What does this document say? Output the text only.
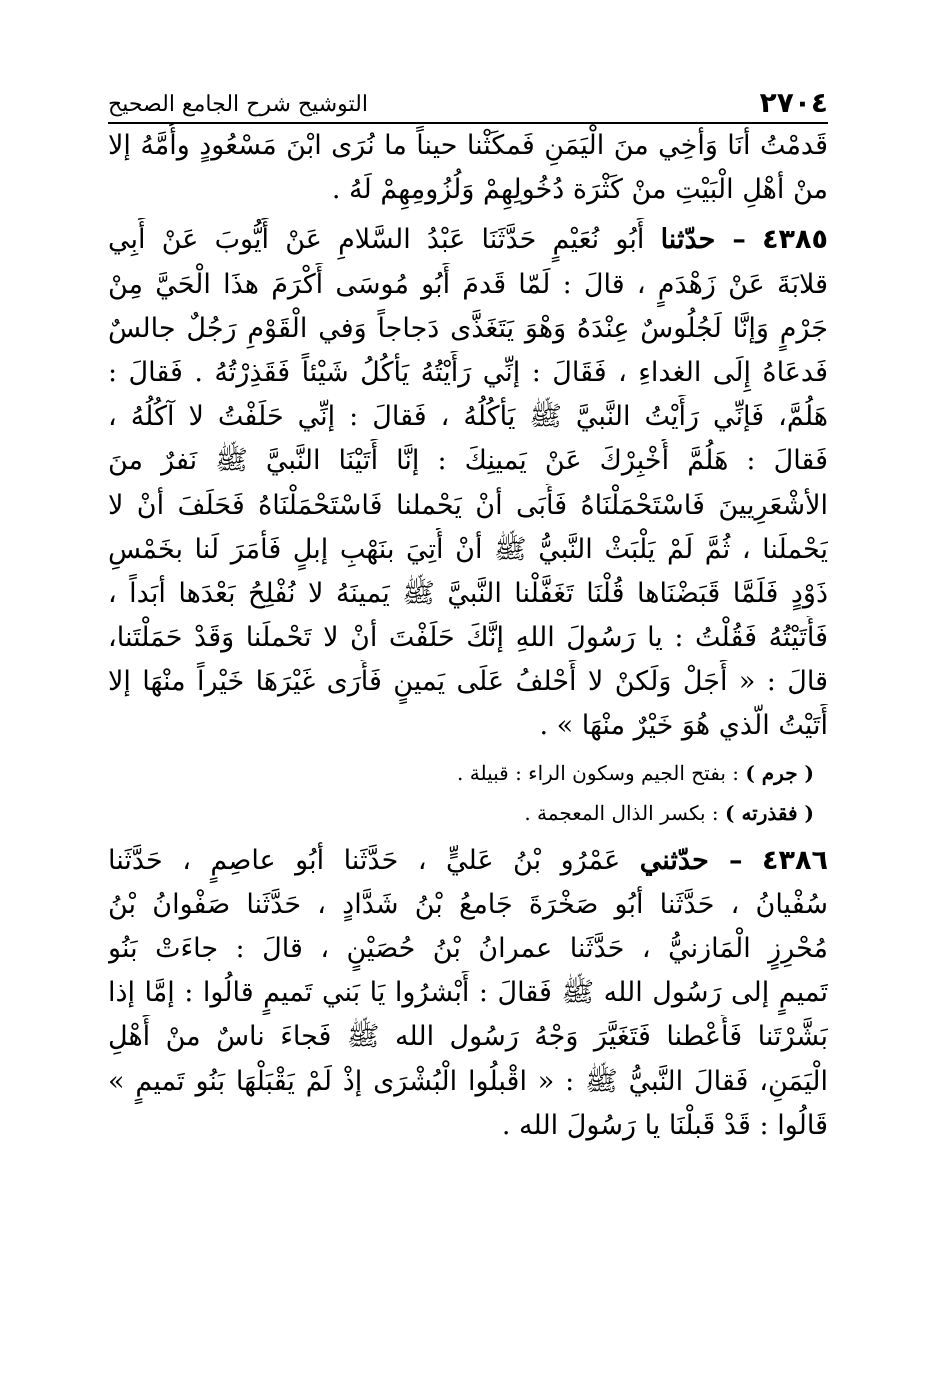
٢٧٠٤
التوشيح شرح الجامع الصحيح
قَدمْتُ أنَا وَأخِي منَ الْيَمَنِ فَمكَثْنا حيناً ما نُرَى ابْنَ مَسْعُودٍ وأُمَّهُ إلا
منْ أهْلِ الْبَيْتِ منْ كَثْرَة دُخُولِهِمْ وَلُزُومِهِمْ لَهُ .
٤٣٨٥ – حدّثنا أَبُو نُعَيْمٍ حَدَّثَنَا عَبْدُ السَّلامِ عَنْ أَيُّوبَ عَنْ أَبِي
قلابَةَ عَنْ زَهْدَمٍ ، قالَ : لَمّا قَدمَ أَبُو مُوسَى أَكْرَمَ هذَا الْحَيَّ مِنْ
جَرْمٍ وَإنَّا لَجُلُوسٌ عِنْدَهُ وَهْوَ يَتَغَذَّى دَجاجاً وَفي الْقَوْمِ رَجُلٌ جالسٌ
فَدعَاهُ إِلَى الغداءِ ، فَقَالَ : إنِّي رَأَيْتُهُ يَأكُلُ شَيْئاً فَقَذِرْتُهُ . فَقالَ :
هَلُمَّ، فَإنِّي رَأَيْتُ النَّبيَّ ﷺ يَأكُلُهُ ، فَقالَ : إنِّي حَلَفْتُ لا آكُلُهُ ،
فَقالَ : هَلُمَّ أُخْبِرْكَ عَنْ يَمينِكَ : إنَّا أَتَيْنَا النَّبيَّ ﷺ نَفرٌ منَ
الأشْعَرِيينَ فَاسْتَحْمَلْنَاهُ فَأَبَى أنْ يَحْملنا فَاسْتَحْمَلْنَاهُ فَحَلَفَ أنْ لا
يَحْملَنا ، ثُمَّ لَمْ يَلْبَثْ النَّبيُّ ﷺ أنْ أُتِيَ بنَهْبِ إبلٍ فَأمَرَ لَنا بخَمْسِ
ذَوْدٍ فَلَمَّا قَبَضْنَاها قُلْنَا تَغَفَّلْنا النَّبيَّ ﷺ يَمينَهُ لا نُفْلِحُ بَعْدَها أبَداً ،
فَأَتَيْتُهُ فَقُلْتُ : يا رَسُولَ اللهِ إنَّكَ حَلَفْتَ أنْ لا تَحْملَنا وَقَدْ حَمَلْتَنا،
قالَ : « أَجَلْ وَلَكنْ لا أَحْلفُ عَلَى يَمينٍ فَأَرَى غَيْرَهَا خَيْراً منْهَا إلا
أَتَيْتُ الَّذي هُوَ خَيْرٌ منْهَا » .
( جرم ) : بفتح الجيم وسكون الراء : قبيلة .
( فقذرته ) : بكسر الذال المعجمة .
٤٣٨٦ – حدّثني عَمْرُو بْنُ عَليٍّ ، حَدَّثَنا أبُو عاصِمٍ ، حَدَّثَنا
سُفْيانُ ، حَدَّثَنا أبُو صَخْرَةَ جَامعُ بْنُ شَدَّادٍ ، حَدَّثَنا صَفْوانُ بْنُ
مُحْرِزٍ الْمَازنيُّ ، حَدَّثَنا عمرانُ بْنُ حُصَيْنٍ ، قالَ : جاءَتْ بَنُو
تَميمٍ إلى رَسُول الله ﷺ فَقالَ : أَبْشرُوا يَا بَني تَميمٍ قالُوا : إمَّا إذا
بَشَّرْتَنا فَأَعْطنا فَتَغَيَّرَ وَجْهُ رَسُول الله ﷺ فَجاءَ ناسٌ منْ أَهْلِ
الْيَمَنِ، فَقالَ النَّبيُّ ﷺ : « اقْبلُوا الْبُشْرَى إذْ لَمْ يَقْبَلْهَا بَنُو تَميمٍ »
قَالُوا : قَدْ قَبلْنَا يا رَسُولَ الله .
